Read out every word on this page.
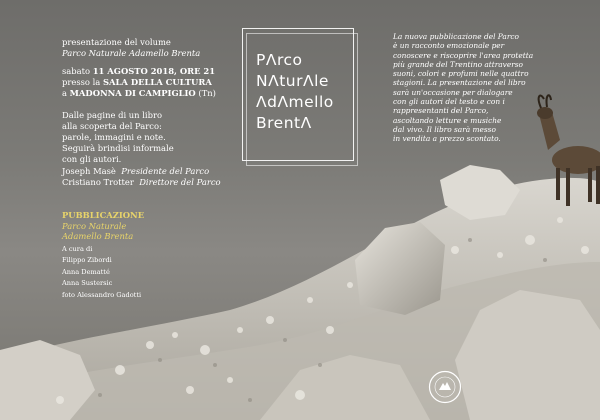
presentazione del volume
Parco Naturale Adamello Brenta
sabato 11 AGOSTO 2018, ORE 21
presso la SALA DELLA CULTURA
a MADONNA DI CAMPIGLIO (Tn)
Dalle pagine di un libro
alla scoperta del Parco:
parole, immagini e note.
Seguirà brindisi informale
con gli autori.
Joseph Masè Presidente del Parco
Cristiano Trotter Direttore del Parco
PUBBLICAZIONE
Parco Naturale
Adamello Brenta
A cura di
Filippo Zibordi
Anna Dematté
Anna Sustersic
foto Alessandro Gadotti
PΛrco
NΛturΛle
ΛdΛmello
BrentΛ
La nuova pubblicazione del Parco
è un racconto emozionale per
conoscere e riscoprire l'area protetta
più grande del Trentino attraverso
suoni, colori e profumi nelle quattro
stagioni. La presentazione del libro
sarà un'occasione per dialogare
con gli autori del testo e con i
rappresentanti del Parco,
ascoltando letture e musiche
dal vivo. Il libro sarà messo
in vendita a prezzo scontato.
